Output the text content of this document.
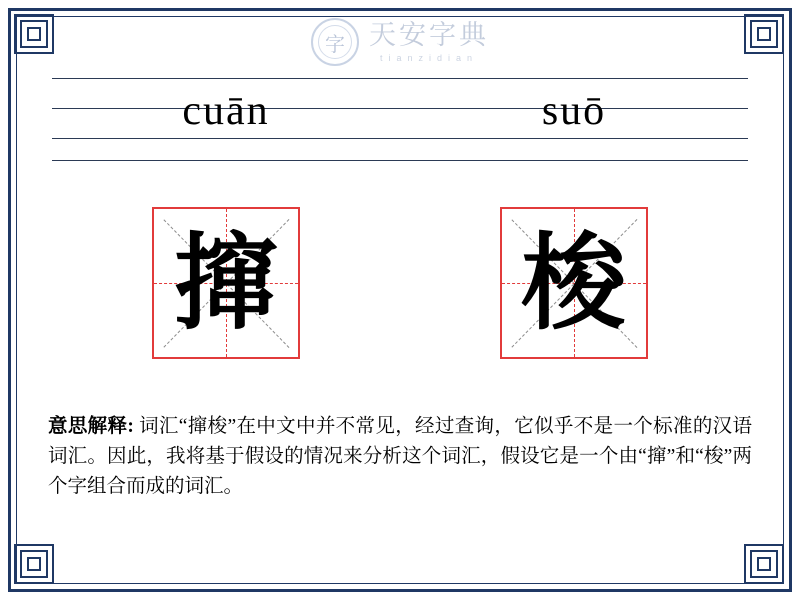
字 天安字典
tianzidian
cuān	suō
撺 梭
意思解释: 词汇“撺梭”在中文中并不常见，经过查询，它似乎不是一个标准的汉语词汇。因此，我将基于假设的情况来分析这个词汇，假设它是一个由“撺”和“梭”两个字组合而成的词汇。
